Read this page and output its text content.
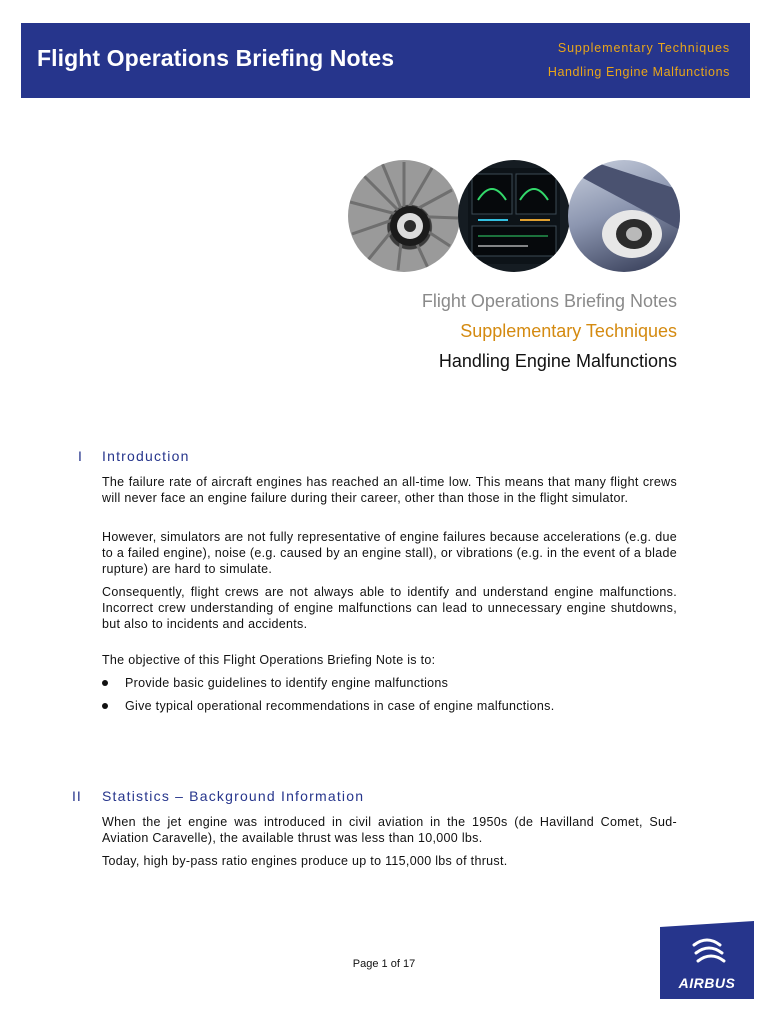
Flight Operations Briefing Notes	Supplementary Techniques
Handling Engine Malfunctions
Flight Operations Briefing Notes
Supplementary Techniques
Handling Engine Malfunctions
I Introduction
The failure rate of aircraft engines has reached an all-time low. This means that many flight crews will never face an engine failure during their career, other than those in the flight simulator.
However, simulators are not fully representative of engine failures because accelerations (e.g. due to a failed engine), noise (e.g. caused by an engine stall), or vibrations (e.g. in the event of a blade rupture) are hard to simulate.
Consequently, flight crews are not always able to identify and understand engine malfunctions. Incorrect crew understanding of engine malfunctions can lead to unnecessary engine shutdowns, but also to incidents and accidents.
The objective of this Flight Operations Briefing Note is to:
Provide basic guidelines to identify engine malfunctions
Give typical operational recommendations in case of engine malfunctions.
II Statistics – Background Information
When the jet engine was introduced in civil aviation in the 1950s (de Havilland Comet, Sud-Aviation Caravelle), the available thrust was less than 10,000 lbs.
Today, high by-pass ratio engines produce up to 115,000 lbs of thrust.
Page 1 of 17
AIRBUS
